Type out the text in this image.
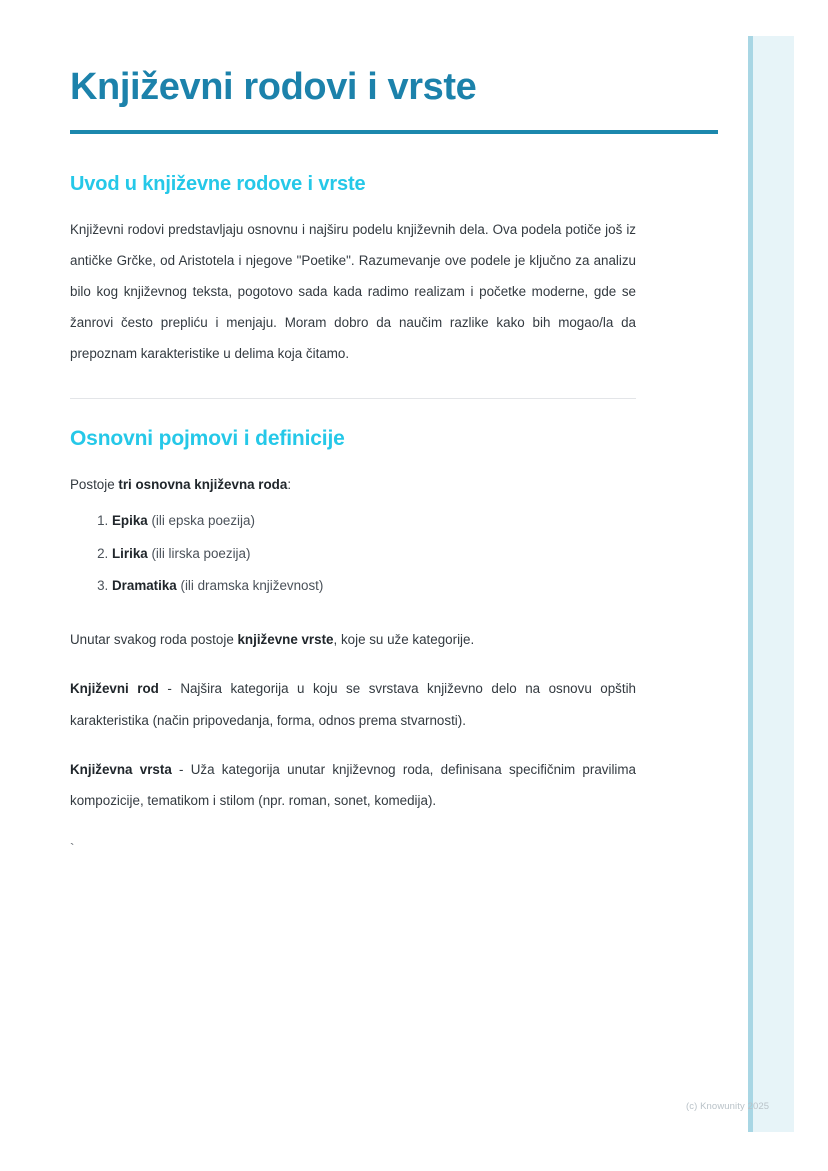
Književni rodovi i vrste
Uvod u književne rodove i vrste

Književni rodovi predstavljaju osnovnu i najširu podelu književnih dela. Ova podela potiče još iz antičke Grčke, od Aristotela i njegove "Poetike". Razumevanje ove podele je ključno za analizu bilo kog književnog teksta, pogotovo sada kada radimo realizam i početke moderne, gde se žanrovi često prepliću i menjaju. Moram dobro da naučim razlike kako bih mogao/la da prepoznam karakteristike u delima koja čitamo.

Osnovni pojmovi i definicije

Postoje tri osnovna književna roda:

1. Epika (ili epska poezija)
2. Lirika (ili lirska poezija)
3. Dramatika (ili dramska književnost)

Unutar svakog roda postoje književne vrste, koje su uže kategorije.

Književni rod - Najšira kategorija u koju se svrstava književno delo na osnovu opštih karakteristika (način pripovedanja, forma, odnos prema stvarnosti).

Književna vrsta - Uža kategorija unutar književnog roda, definisana specifičnim pravilima kompozicije, tematikom i stilom (npr. roman, sonet, komedija).

`
(c) Knowunity 2025
